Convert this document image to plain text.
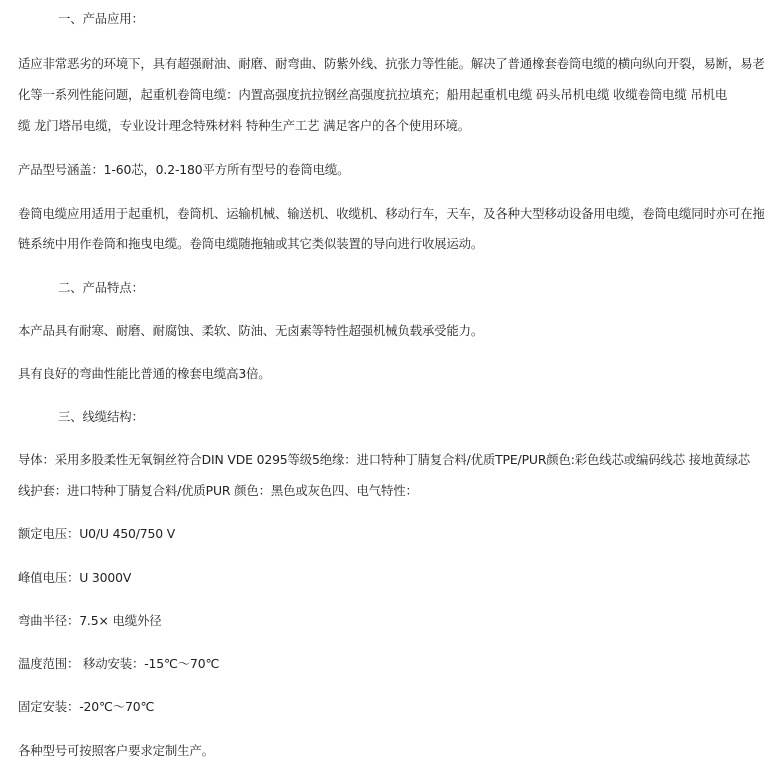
一、产品应用：
适应非常恶劣的环境下，具有超强耐油、耐磨、耐弯曲、防紫外线、抗张力等性能。解决了普通橡套卷筒电缆的横向纵向开裂，易断，易老
化等一系列性能问题，起重机卷筒电缆：内置高强度抗拉钢丝高强度抗拉填充；船用起重机电缆 码头吊机电缆 收缆卷筒电缆 吊机电
缆 龙门塔吊电缆，专业设计理念特殊材料 特种生产工艺 满足客户的各个使用环境。
产品型号涵盖：1-60芯，0.2-180平方所有型号的卷筒电缆。
卷筒电缆应用适用于起重机，卷筒机、运输机械、输送机、收缆机、移动行车，天车，及各种大型移动设备用电缆，卷筒电缆同时亦可在拖
链系统中用作卷筒和拖曳电缆。卷筒电缆随拖轴或其它类似装置的导向进行收展运动。
二、产品特点：
本产品具有耐寒、耐磨、耐腐蚀、柔软、防油、无卤素等特性超强机械负载承受能力。
具有良好的弯曲性能比普通的橡套电缆高3倍。
三、线缆结构：
导体：采用多股柔性无氧铜丝符合DIN VDE 0295等级5绝缘：进口特种丁腈复合料/优质TPE/PUR颜色:彩色线芯或编码线芯 接地黄绿芯
线护套：进口特种丁腈复合料/优质PUR 颜色：黑色或灰色四、电气特性：
额定电压：U0/U 450/750 V
峰值电压：U 3000V
弯曲半径：7.5× 电缆外径
温度范围： 移动安装：-15℃～70℃
固定安装：-20℃～70℃
各种型号可按照客户要求定制生产。
